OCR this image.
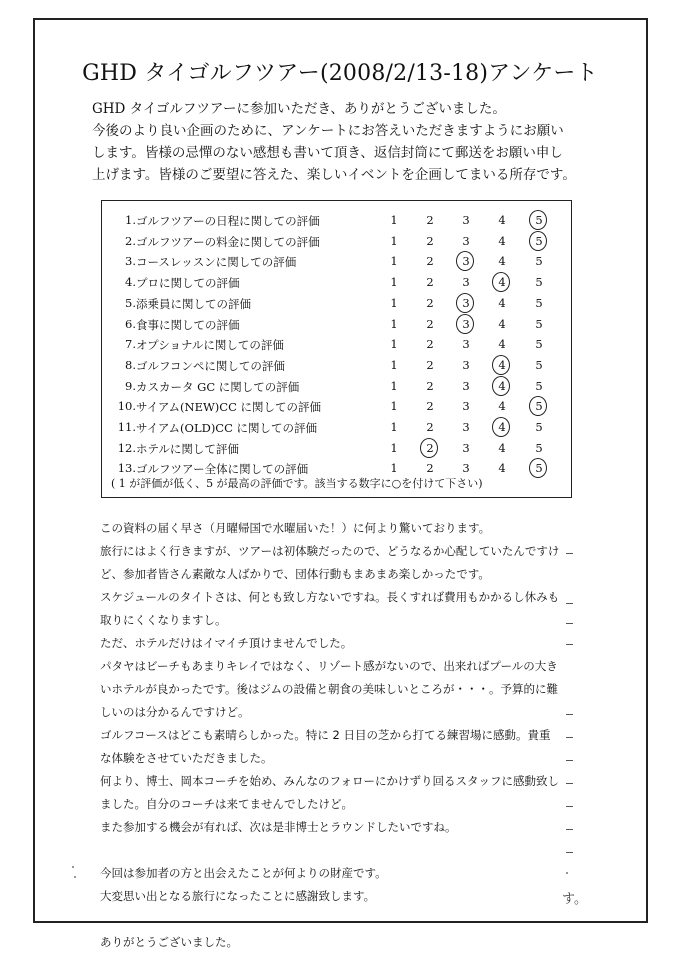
GHD タイゴルフツアー(2008/2/13-18)アンケート
GHD タイゴルフツアーに参加いただき、ありがとうございました。
今後のより良い企画のために、アンケートにお答えいただきますようにお願い
します。皆様の忌憚のない感想も書いて頂き、返信封筒にて郵送をお願い申し
上げます。皆様のご要望に答えた、楽しいイベントを企画してまいる所存です。
( 1 が評価が低く、5 が最高の評価です。該当する数字に○を付けて下さい)
1. ゴルフツアーの日程に関しての評価	1 2 3 4	5
2. ゴルフツアーの料金に関しての評価	1 2 3 4	5
3. コースレッスンに関しての評価	1 2 3 4	5
4. プロに関しての評価	1 2 3 4	5
5. 添乗員に関しての評価	1 2 3 4	5
6. 食事に関しての評価	1 2 3 4	5
7. オプショナルに関しての評価	1 2 3 4	5
8. ゴルフコンペに関しての評価	1 2 3 4	5
9. カスカータ GC に関しての評価	1 2 3 4	5
10. サイアム(NEW)CC に関しての評価	1 2 3 4	5
11. サイアム(OLD)CC に関しての評価	1 2 3 4	5
12. ホテルに関して評価	1 2 3 4	5
13. ゴルフツアー全体に関しての評価	1 2 3 4	5
この資料の届く早さ（月曜帰国で水曜届いた！）に何より驚いております。
旅行にはよく行きますが、ツアーは初体験だったので、どうなるか心配していたんですけ
ど、参加者皆さん素敵な人ばかりで、団体行動もまあまあ楽しかったです。
スケジュールのタイトさは、何とも致し方ないですね。長くすれば費用もかかるし休みも
取りにくくなりますし。
ただ、ホテルだけはイマイチ頂けませんでした。
パタヤはビーチもあまりキレイではなく、リゾート感がないので、出来ればプールの大き
いホテルが良かったです。後はジムの設備と朝食の美味しいところが・・・。予算的に難
しいのは分かるんですけど。
ゴルフコースはどこも素晴らしかった。特に 2 日目の芝から打てる練習場に感動。貴重
な体験をさせていただきました。
何より、博士、岡本コーチを始め、みんなのフォローにかけずり回るスタッフに感動致し
ました。自分のコーチは来てませんでしたけど。
また参加する機会が有れば、次は是非博士とラウンドしたいですね。
今回は参加者の方と出会えたことが何よりの財産です。
大変思い出となる旅行になったことに感謝致します。
ありがとうございました。
す。
